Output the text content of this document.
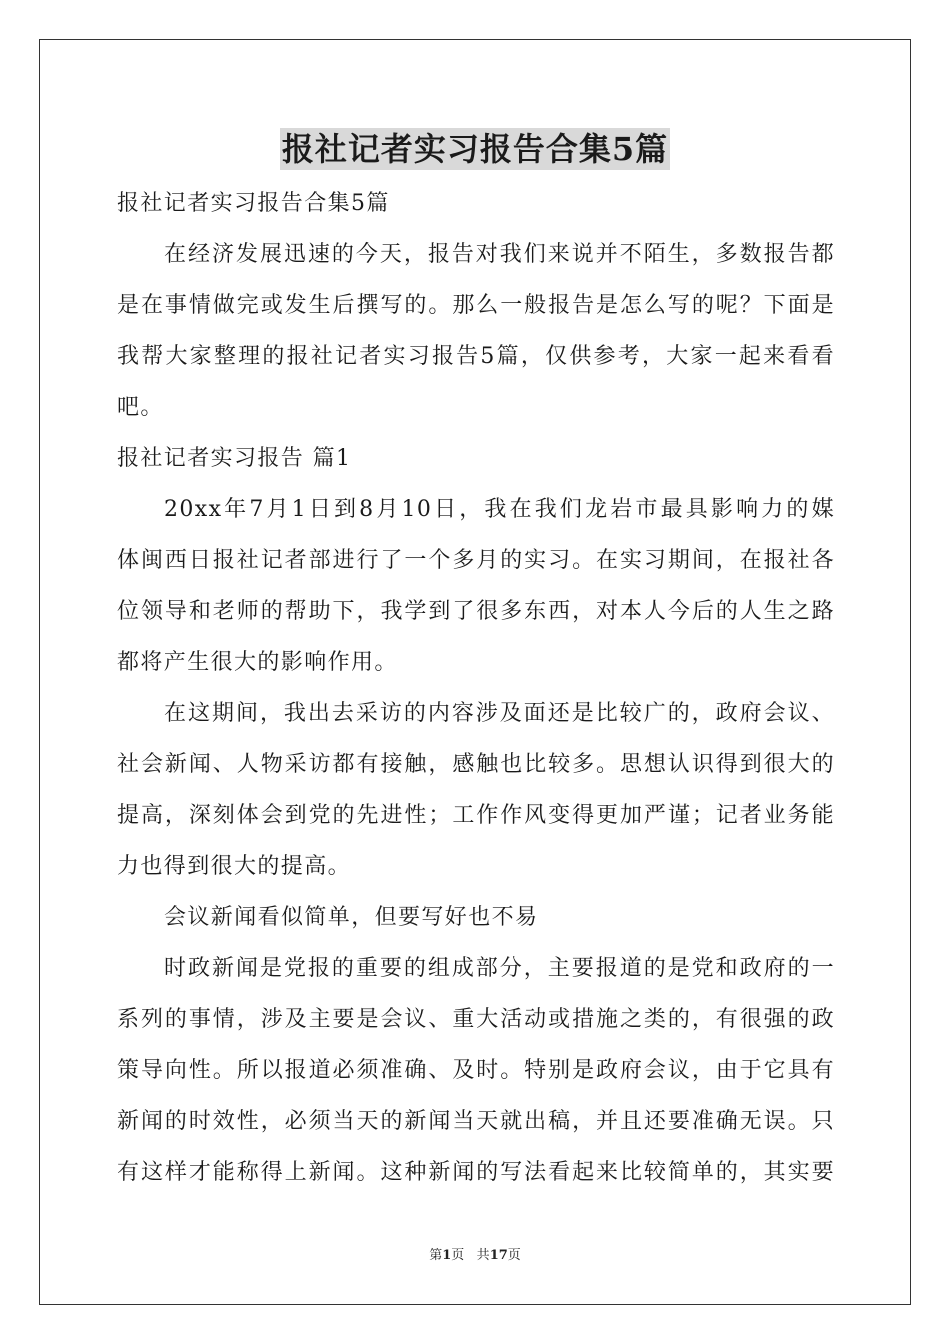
报社记者实习报告合集5篇
报社记者实习报告合集5篇
在经济发展迅速的今天，报告对我们来说并不陌生，多数报告都
是在事情做完或发生后撰写的。那么一般报告是怎么写的呢？下面是
我帮大家整理的报社记者实习报告5篇，仅供参考，大家一起来看看
吧。
报社记者实习报告 篇1
20xx年7月1日到8月10日，我在我们龙岩市最具影响力的媒
体闽西日报社记者部进行了一个多月的实习。在实习期间，在报社各
位领导和老师的帮助下，我学到了很多东西，对本人今后的人生之路
都将产生很大的影响作用。
在这期间，我出去采访的内容涉及面还是比较广的，政府会议、
社会新闻、人物采访都有接触，感触也比较多。思想认识得到很大的
提高，深刻体会到党的先进性；工作作风变得更加严谨；记者业务能
力也得到很大的提高。
会议新闻看似简单，但要写好也不易
时政新闻是党报的重要的组成部分，主要报道的是党和政府的一
系列的事情，涉及主要是会议、重大活动或措施之类的，有很强的政
策导向性。所以报道必须准确、及时。特别是政府会议，由于它具有
新闻的时效性，必须当天的新闻当天就出稿，并且还要准确无误。只
有这样才能称得上新闻。这种新闻的写法看起来比较简单的，其实要
第1页 共17页
